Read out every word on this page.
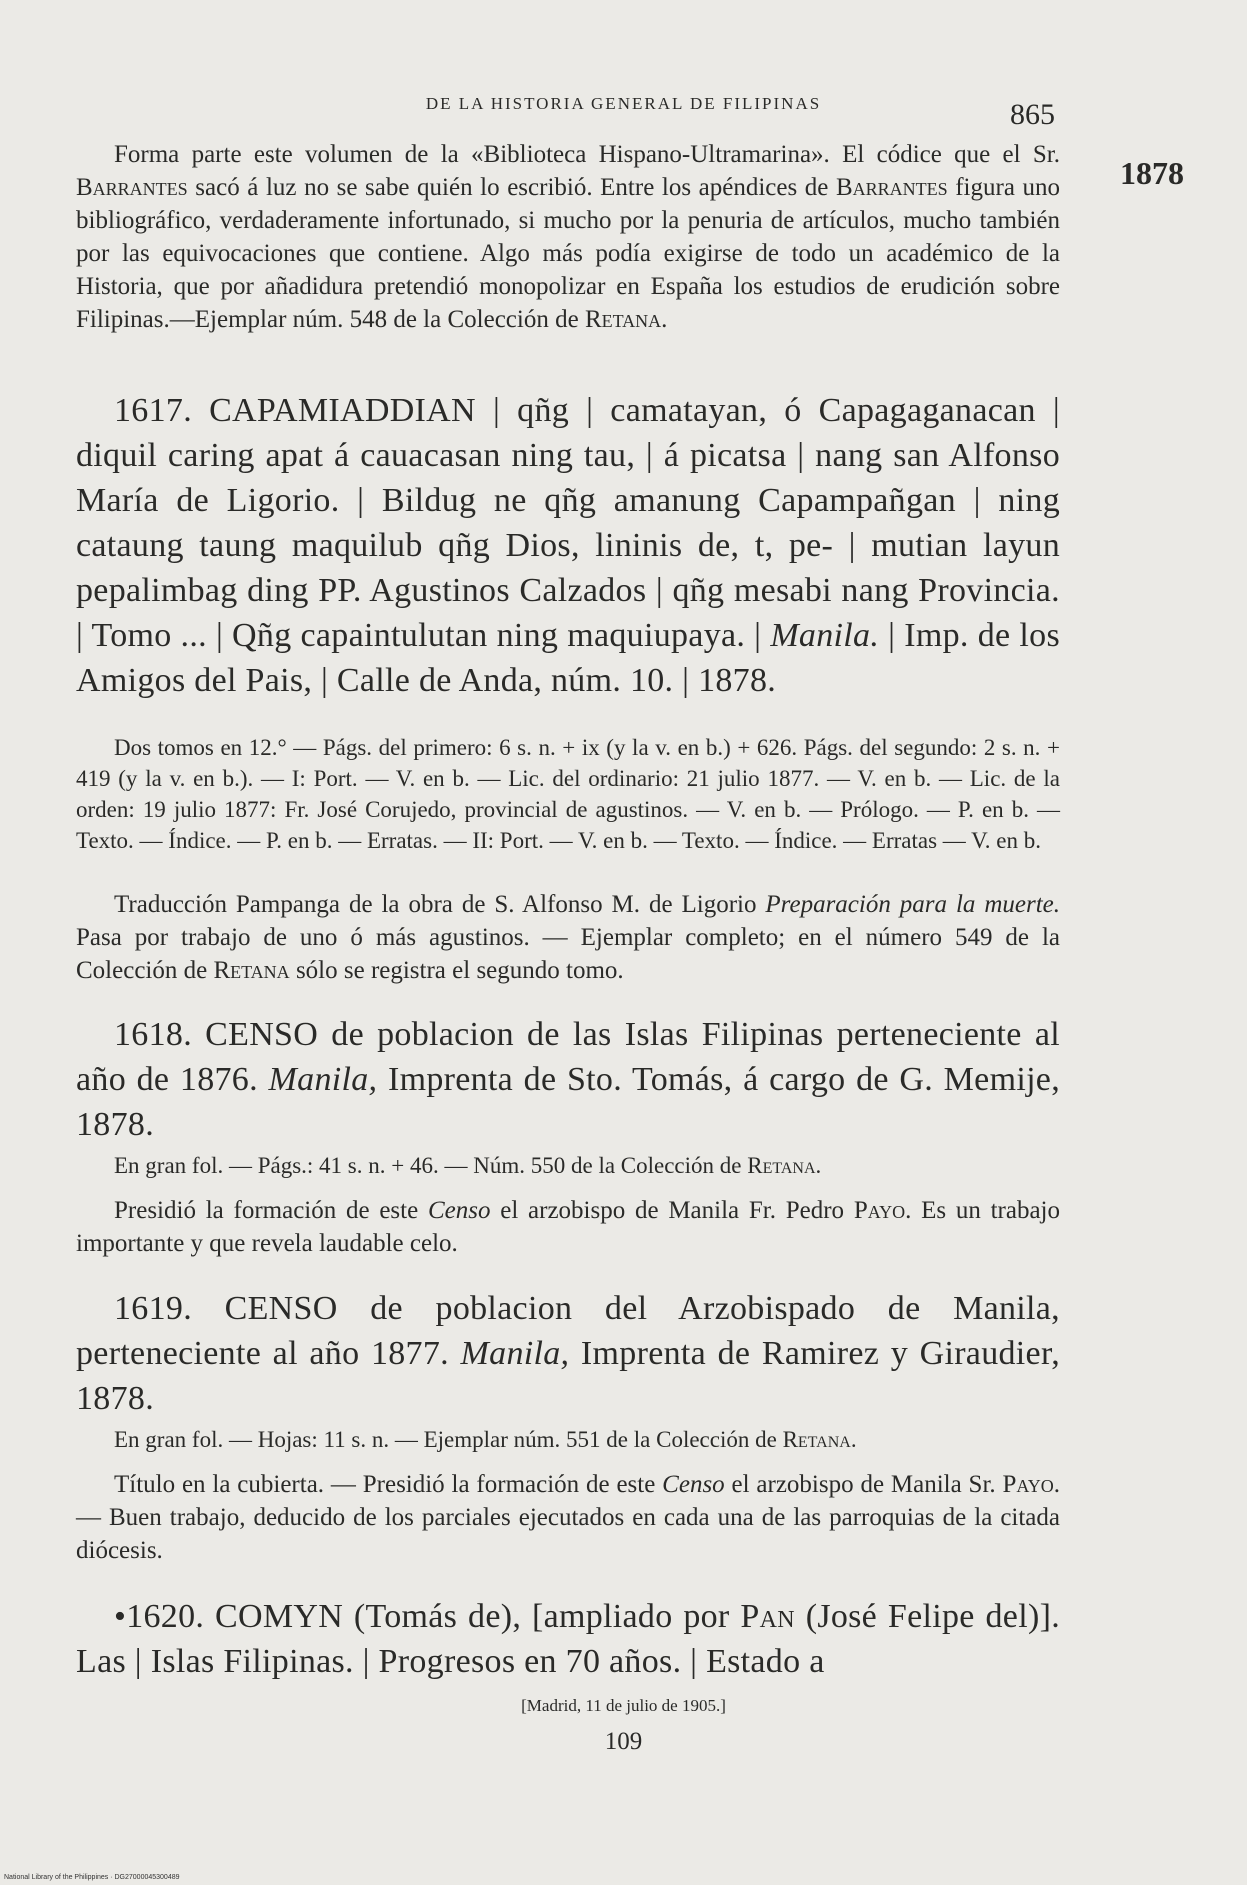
DE LA HISTORIA GENERAL DE FILIPINAS	865
1878

Forma parte este volumen de la «Biblioteca Hispano-Ultramarina». El códice que el Sr. Barrantes sacó á luz no se sabe quién lo escribió. Entre los apéndices de Barrantes figura uno bibliográfico, verdaderamente infortunado, si mucho por la penuria de artículos, mucho también por las equivocaciones que contiene. Algo más podía exigirse de todo un académico de la Historia, que por añadidura pretendió monopolizar en España los estudios de erudición sobre Filipinas.—Ejemplar núm. 548 de la Colección de Retana.

1617. CAPAMIADDIAN | qñg | camatayan, ó Capagaganacan | diquil caring apat á cauacasan ning tau, | á picatsa | nang san Alfonso María de Ligorio. | Bildug ne qñg amanung Capampañgan | ning cataung taung maquilub qñg Dios, lininis de, t, pe- | mutian layun pepalimbag ding PP. Agustinos Calzados | qñg mesabi nang Provincia. | Tomo ... | Qñg capaintulutan ning maquiupaya. | Manila. | Imp. de los Amigos del Pais, | Calle de Anda, núm. 10. | 1878.

Dos tomos en 12.° — Págs. del primero: 6 s. n. + ix (y la v. en b.) + 626. Págs. del segundo: 2 s. n. + 419 (y la v. en b.). — I: Port. — V. en b. — Lic. del ordinario: 21 julio 1877. — V. en b. — Lic. de la orden: 19 julio 1877: Fr. José Corujedo, provincial de agustinos. — V. en b. — Prólogo. — P. en b. — Texto. — Índice. — P. en b. — Erratas. — II: Port. — V. en b. — Texto. — Índice. — Erratas — V. en b.

Traducción Pampanga de la obra de S. Alfonso M. de Ligorio Preparación para la muerte. Pasa por trabajo de uno ó más agustinos. — Ejemplar completo; en el número 549 de la Colección de Retana sólo se registra el segundo tomo.

1618. CENSO de poblacion de las Islas Filipinas perteneciente al año de 1876. Manila, Imprenta de Sto. Tomás, á cargo de G. Memije, 1878.

En gran fol. — Págs.: 41 s. n. + 46. — Núm. 550 de la Colección de Retana.

Presidió la formación de este Censo el arzobispo de Manila Fr. Pedro Payo. Es un trabajo importante y que revela laudable celo.

1619. CENSO de poblacion del Arzobispado de Manila, perteneciente al año 1877. Manila, Imprenta de Ramirez y Giraudier, 1878.

En gran fol. — Hojas: 11 s. n. — Ejemplar núm. 551 de la Colección de Retana.

Título en la cubierta. — Presidió la formación de este Censo el arzobispo de Manila Sr. Payo. — Buen trabajo, deducido de los parciales ejecutados en cada una de las parroquias de la citada diócesis.

•1620. COMYN (Tomás de), [ampliado por Pan (José Felipe del)]. Las | Islas Filipinas. | Progresos en 70 años. | Estado a

[Madrid, 11 de julio de 1905.]
109
National Library of the Philippines · DG27000045300489
